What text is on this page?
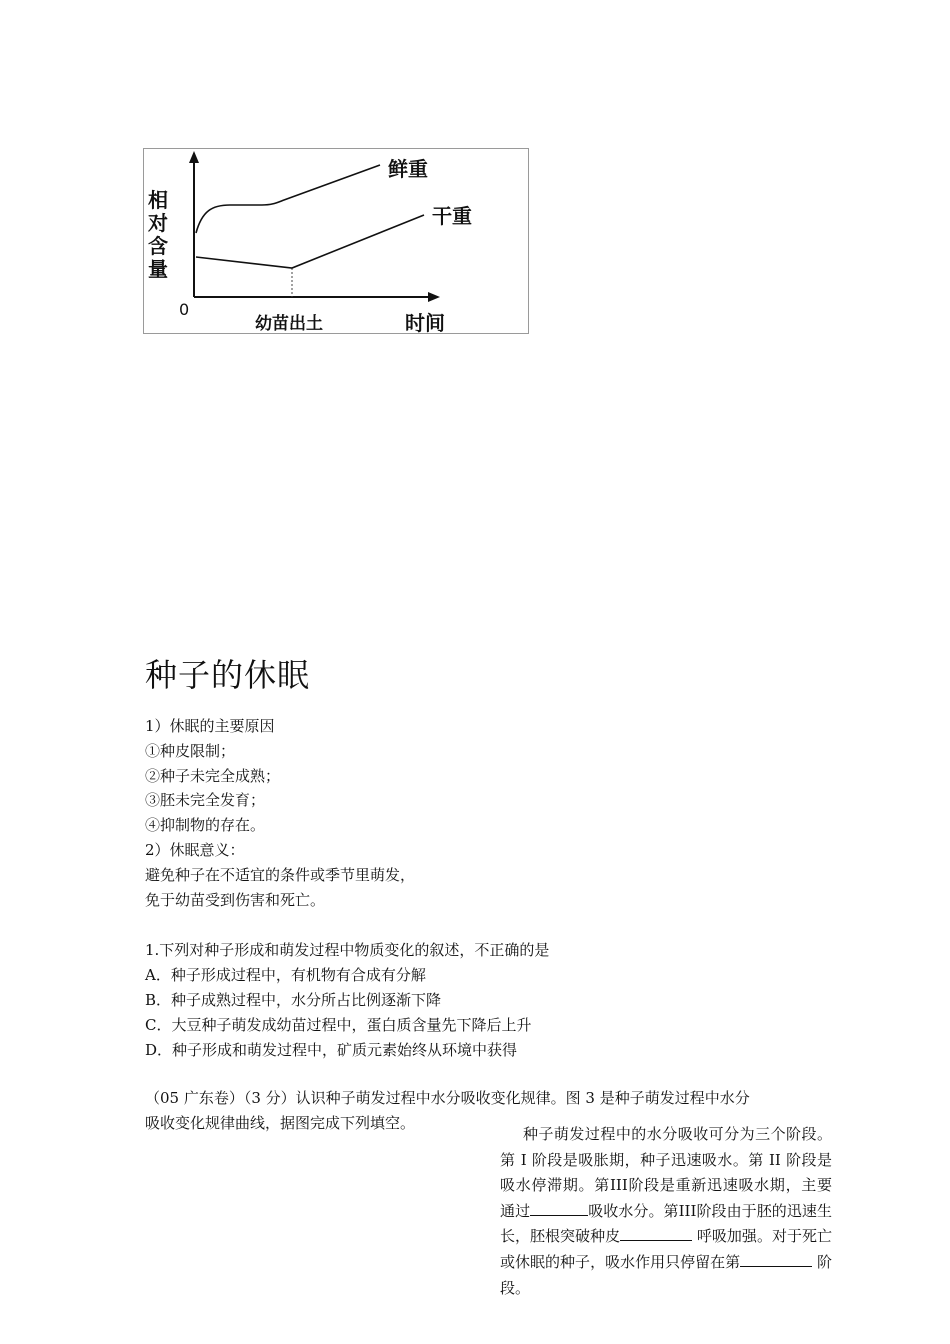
鲜重
干重
相
对
含
量
0
幼苗出土	时间
种子的休眠
1）休眠的主要原因
①种皮限制；
②种子未完全成熟；
③胚未完全发育；
④抑制物的存在。
2）休眠意义：
避免种子在不适宜的条件或季节里萌发，
免于幼苗受到伤害和死亡。
1.下列对种子形成和萌发过程中物质变化的叙述，不正确的是
A．种子形成过程中，有机物有合成有分解
B．种子成熟过程中，水分所占比例逐渐下降
C．大豆种子萌发成幼苗过程中，蛋白质含量先下降后上升
D．种子形成和萌发过程中，矿质元素始终从环境中获得
（05 广东卷）（3 分）认识种子萌发过程中水分吸收变化规律。图 3 是种子萌发过程中水分
吸收变化规律曲线，据图完成下列填空。
  种子萌发过程中的水分吸收可分为三个阶段。第 I 阶段是吸胀期，种子迅速吸水。第 II 阶段是吸水停滞期。第III阶段是重新迅速吸水期，主要通过	吸收水分。第III阶段由于胚的迅速生长，胚根突破种皮	呼吸加强。对于死亡或休眠的种子，吸水作用只停留在第	阶段。
